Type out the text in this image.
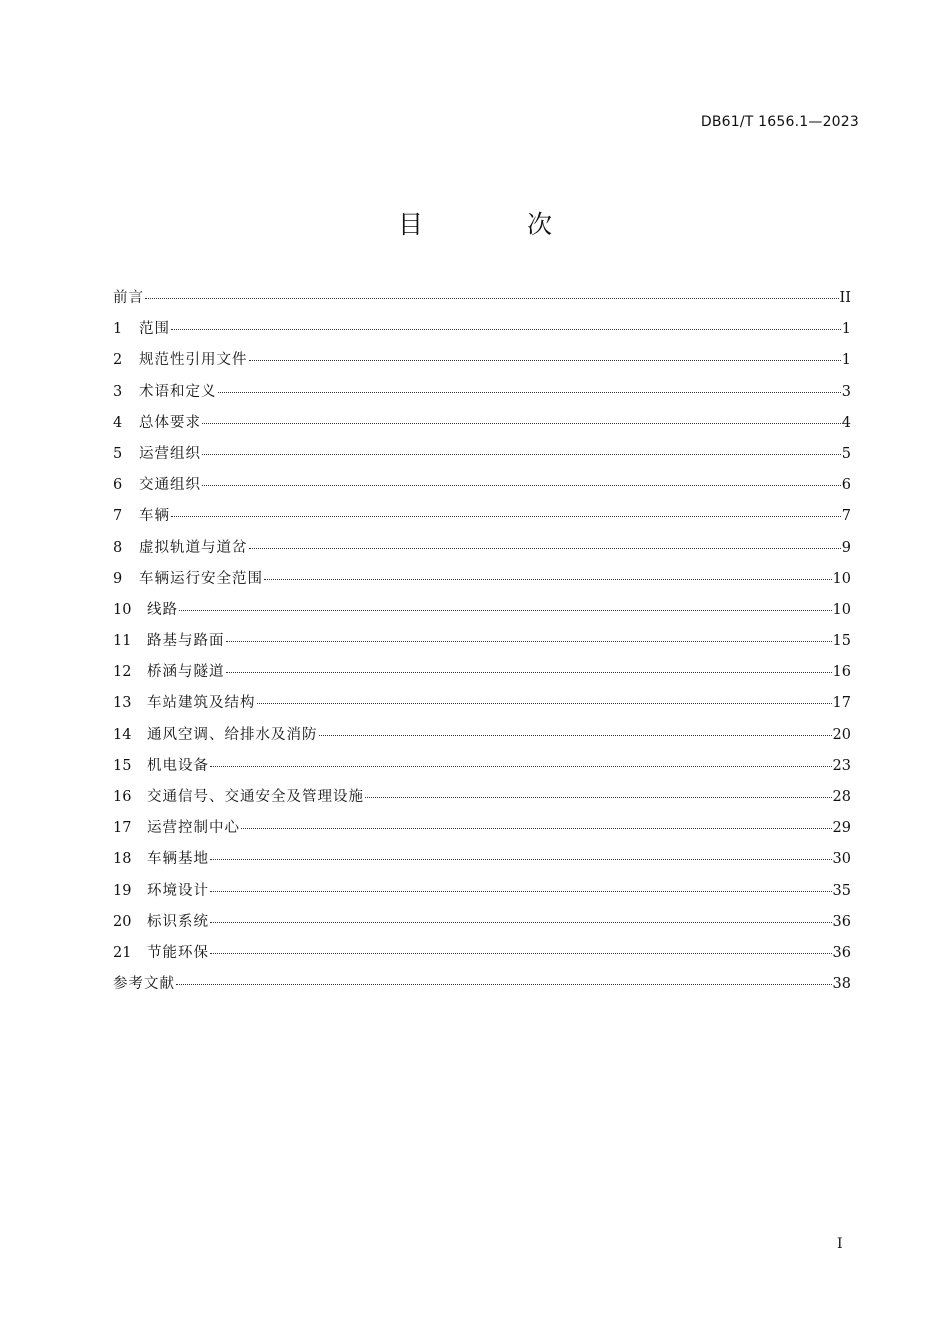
DB61/T 1656.1—2023
目 次
前言	II
1	范围	1
2	规范性引用文件	1
3	术语和定义	3
4	总体要求	4
5	运营组织	5
6	交通组织	6
7	车辆	7
8	虚拟轨道与道岔	9
9	车辆运行安全范围	10
10	线路	10
11	路基与路面	15
12	桥涵与隧道	16
13	车站建筑及结构	17
14	通风空调、给排水及消防	20
15	机电设备	23
16	交通信号、交通安全及管理设施	28
17	运营控制中心	29
18	车辆基地	30
19	环境设计	35
20	标识系统	36
21	节能环保	36
参考文献	38
I
